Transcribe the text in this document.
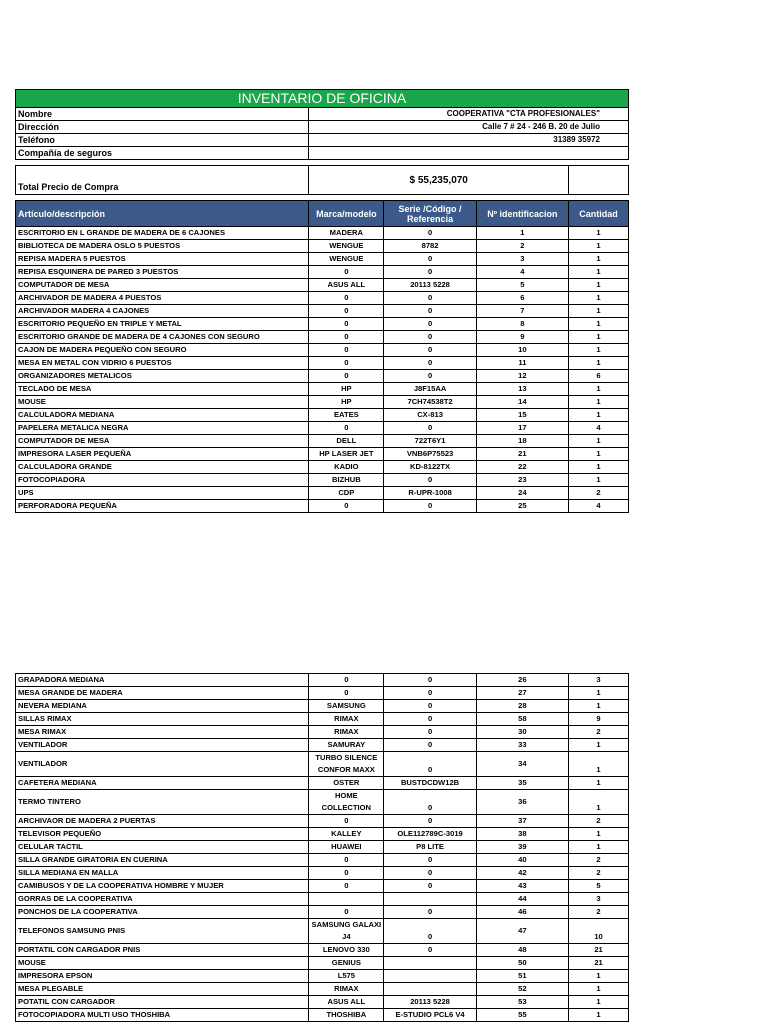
INVENTARIO DE OFICINA				
Nombre	COOPERATIVA "CTA PROFESIONALES"			
Dirección	Calle 7 # 24 - 246 B. 20 de Julio			
Teléfono	31389 35972			
Compañía de seguros				

Total Precio de Compra	$ 55,235,070			

Artículo/descripción	Marca/modelo	Serie /Código / Referencia	Nº identificacion	Cantidad
ESCRITORIO EN L GRANDE DE MADERA DE 6 CAJONES	MADERA	0	1	1
BIBLIOTECA DE MADERA OSLO 5 PUESTOS	WENGUE	8782	2	1
REPISA MADERA 5 PUESTOS	WENGUE	0	3	1
REPISA ESQUINERA DE PARED 3 PUESTOS	0	0	4	1
COMPUTADOR DE MESA	ASUS ALL	20113 5228	5	1
ARCHIVADOR DE MADERA 4 PUESTOS	0	0	6	1
ARCHIVADOR MADERA 4 CAJONES	0	0	7	1
ESCRITORIO PEQUEÑO EN TRIPLE Y METAL	0	0	8	1
ESCRITORIO GRANDE DE MADERA DE 4 CAJONES CON SEGURO	0	0	9	1
CAJON DE MADERA PEQUEÑO CON SEGURO	0	0	10	1
MESA EN METAL CON VIDRIO 6 PUESTOS	0	0	11	1
ORGANIZADORES METALICOS	0	0	12	6
TECLADO DE MESA	HP	J8F15AA	13	1
MOUSE	HP	7CH74538T2	14	1
CALCULADORA MEDIANA	EATES	CX-813	15	1
PAPELERA METALICA NEGRA	0	0	17	4
COMPUTADOR DE MESA	DELL	722T6Y1	18	1
IMPRESORA LASER PEQUEÑA	HP LASER JET	VNB6P75523	21	1
CALCULADORA GRANDE	KADIO	KD-8122TX	22	1
FOTOCOPIADORA	BIZHUB	0	23	1
UPS	CDP	R-UPR-1008	24	2
PERFORADORA PEQUEÑA	0	0	25	4
GRAPADORA MEDIANA	0	0	26	3
MESA GRANDE DE MADERA	0	0	27	1
NEVERA MEDIANA	SAMSUNG	0	28	1
SILLAS RIMAX	RIMAX	0	58	9
MESA RIMAX	RIMAX	0	30	2
VENTILADOR	SAMURAY	0	33	1
VENTILADOR	TURBO SILENCE CONFOR MAXX	0	34	1
CAFETERA MEDIANA	OSTER	BUSTDCDW12B	35	1
TERMO TINTERO	HOME COLLECTION	0	36	1
ARCHIVAOR DE MADERA 2 PUERTAS	0	0	37	2
TELEVISOR PEQUEÑO	KALLEY	OLE112789C-3019	38	1
CELULAR TACTIL	HUAWEI	P8 LITE	39	1
SILLA GRANDE GIRATORIA EN CUERINA	0	0	40	2
SILLA MEDIANA EN MALLA	0	0	42	2
CAMIBUSOS Y DE LA COOPERATIVA HOMBRE Y MUJER	0	0	43	5
GORRAS DE LA COOPERATIVA			44	3
PONCHOS DE LA COOPERATIVA	0	0	46	2
TELEFONOS SAMSUNG PNIS	SAMSUNG GALAXI J4	0	47	10
PORTATIL CON CARGADOR PNIS	LENOVO 330	0	48	21
MOUSE	GENIUS		50	21
IMPRESORA EPSON	L575		51	1
MESA PLEGABLE	RIMAX		52	1
POTATIL CON CARGADOR	ASUS ALL	20113 5228	53	1
FOTOCOPIADORA MULTI USO THOSHIBA	THOSHIBA	E-STUDIO PCL6 V4	55	1
